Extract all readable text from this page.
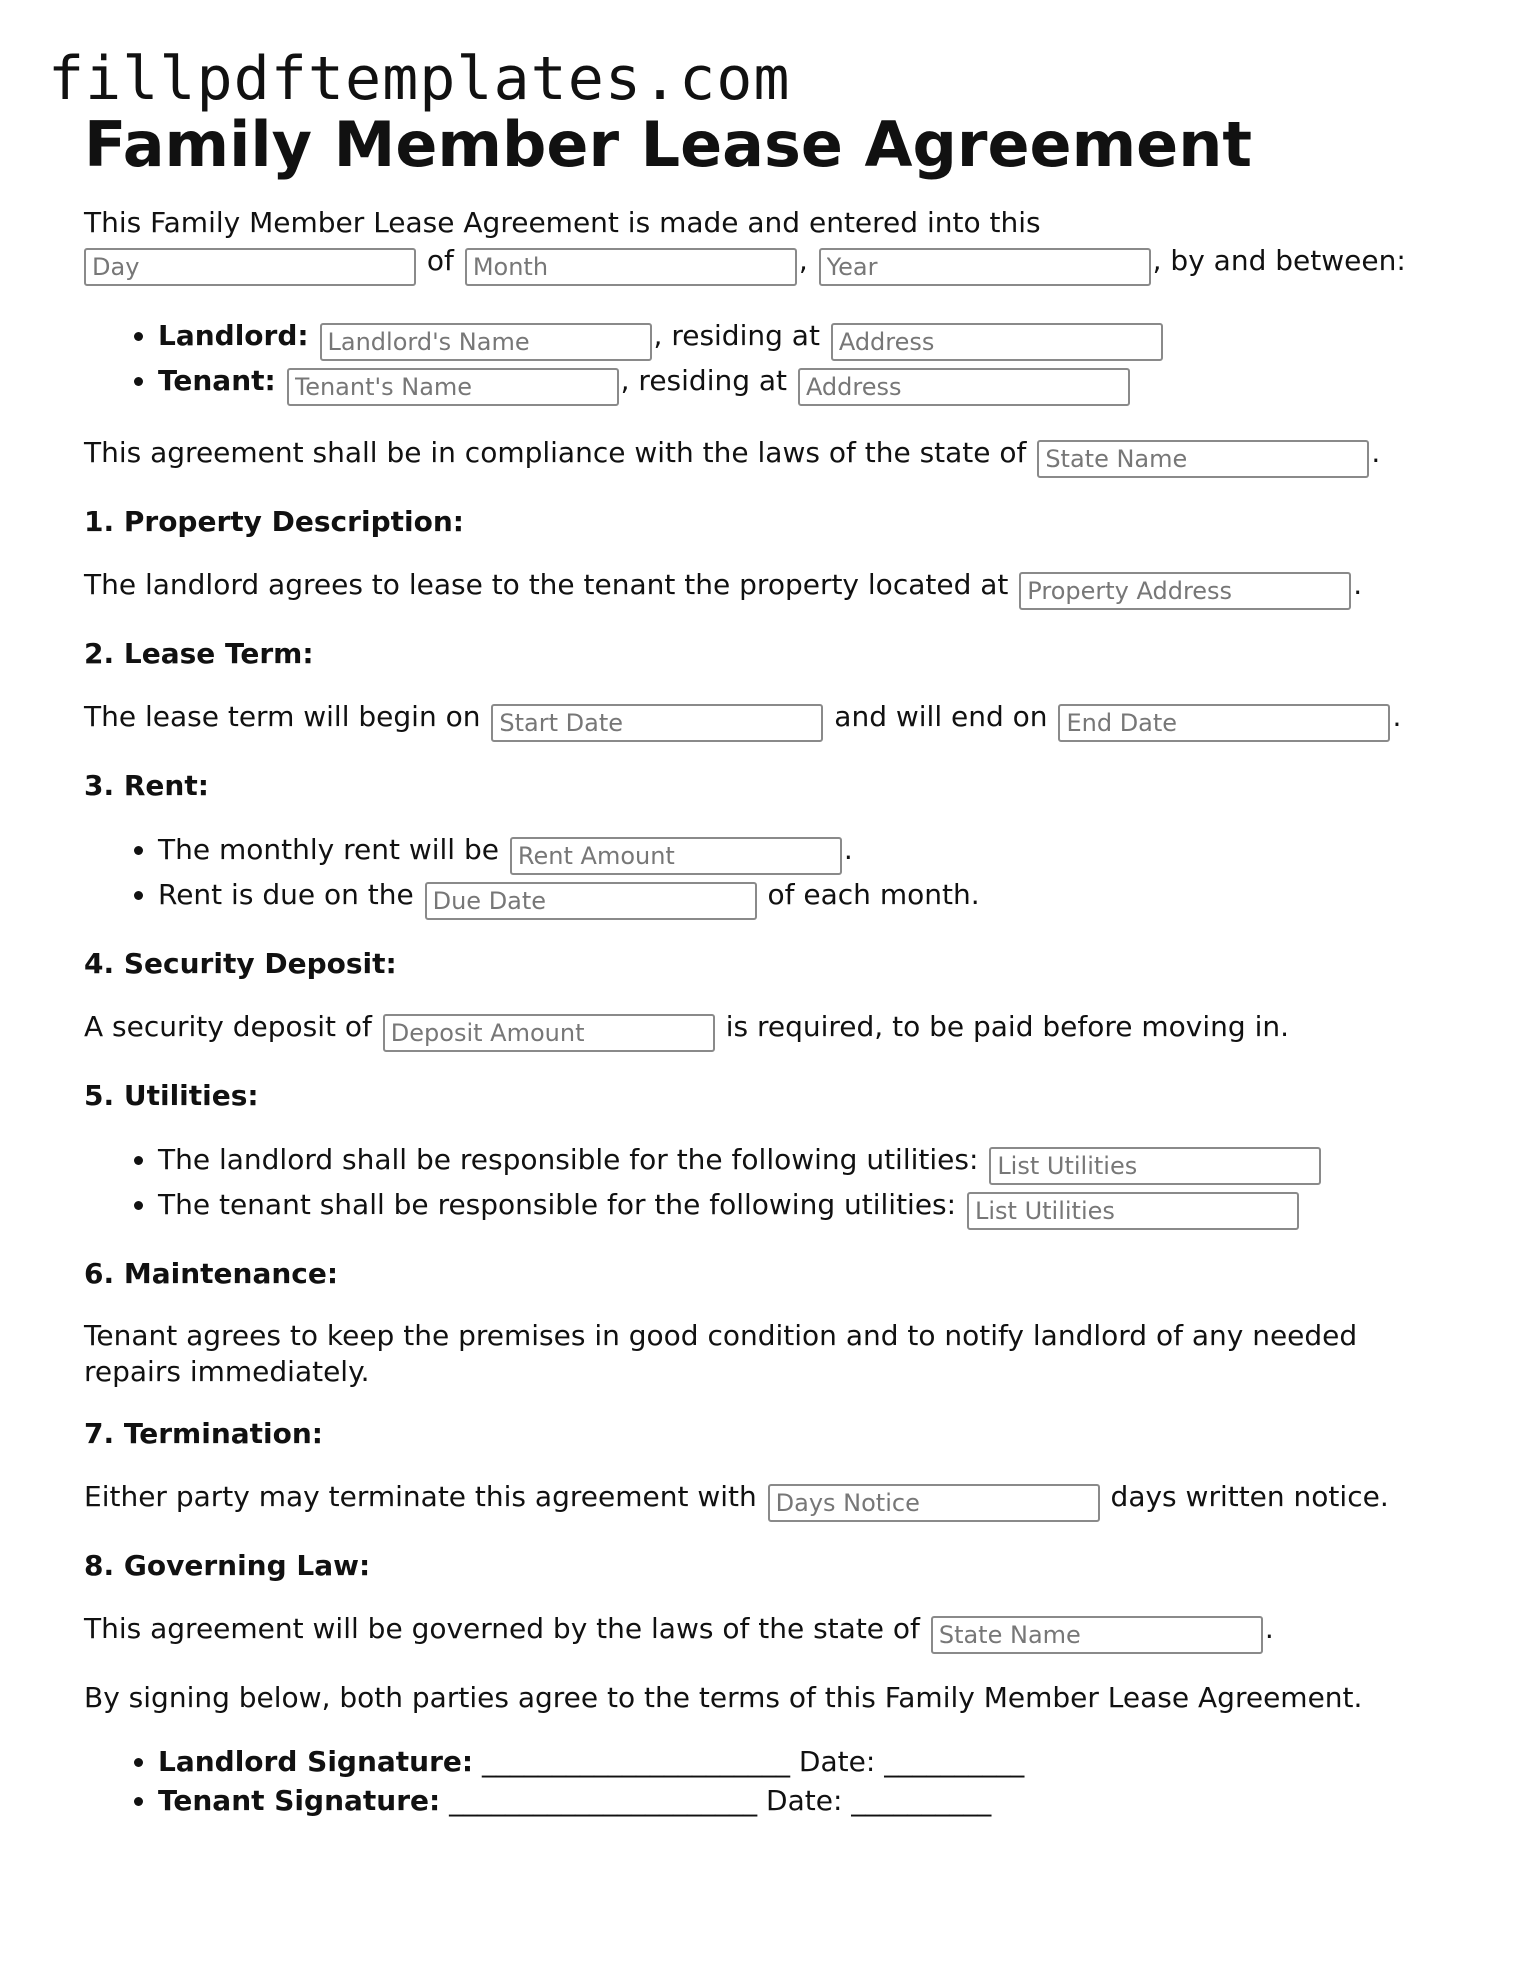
fillpdftemplates.com
Family Member Lease Agreement
This Family Member Lease Agreement is made and entered into this
Day of Month	, Year	, by and between:
• Landlord: Landlord's Name	, residing at Address
• Tenant: Tenant's Name	, residing at Address
This agreement shall be in compliance with the laws of the state of State Name	.
1. Property Description:
The landlord agrees to lease to the tenant the property located at Property Address	.
2. Lease Term:
The lease term will begin on Start Date	and will end on End Date	.
3. Rent:
• The monthly rent will be Rent Amount	.
• Rent is due on the Due Date	of each month.
4. Security Deposit:
A security deposit of Deposit Amount	is required, to be paid before moving in.
5. Utilities:
• The landlord shall be responsible for the following utilities: List Utilities
• The tenant shall be responsible for the following utilities: List Utilities
6. Maintenance:

Tenant agrees to keep the premises in good condition and to notify landlord of any needed repairs immediately.

7. Termination:
Either party may terminate this agreement with Days Notice	days written notice.
8. Governing Law:
This agreement will be governed by the laws of the state of State Name	.

By signing below, both parties agree to the terms of this Family Member Lease Agreement.

• Landlord Signature: ______________________ Date: __________
• Tenant Signature: ______________________ Date: __________
